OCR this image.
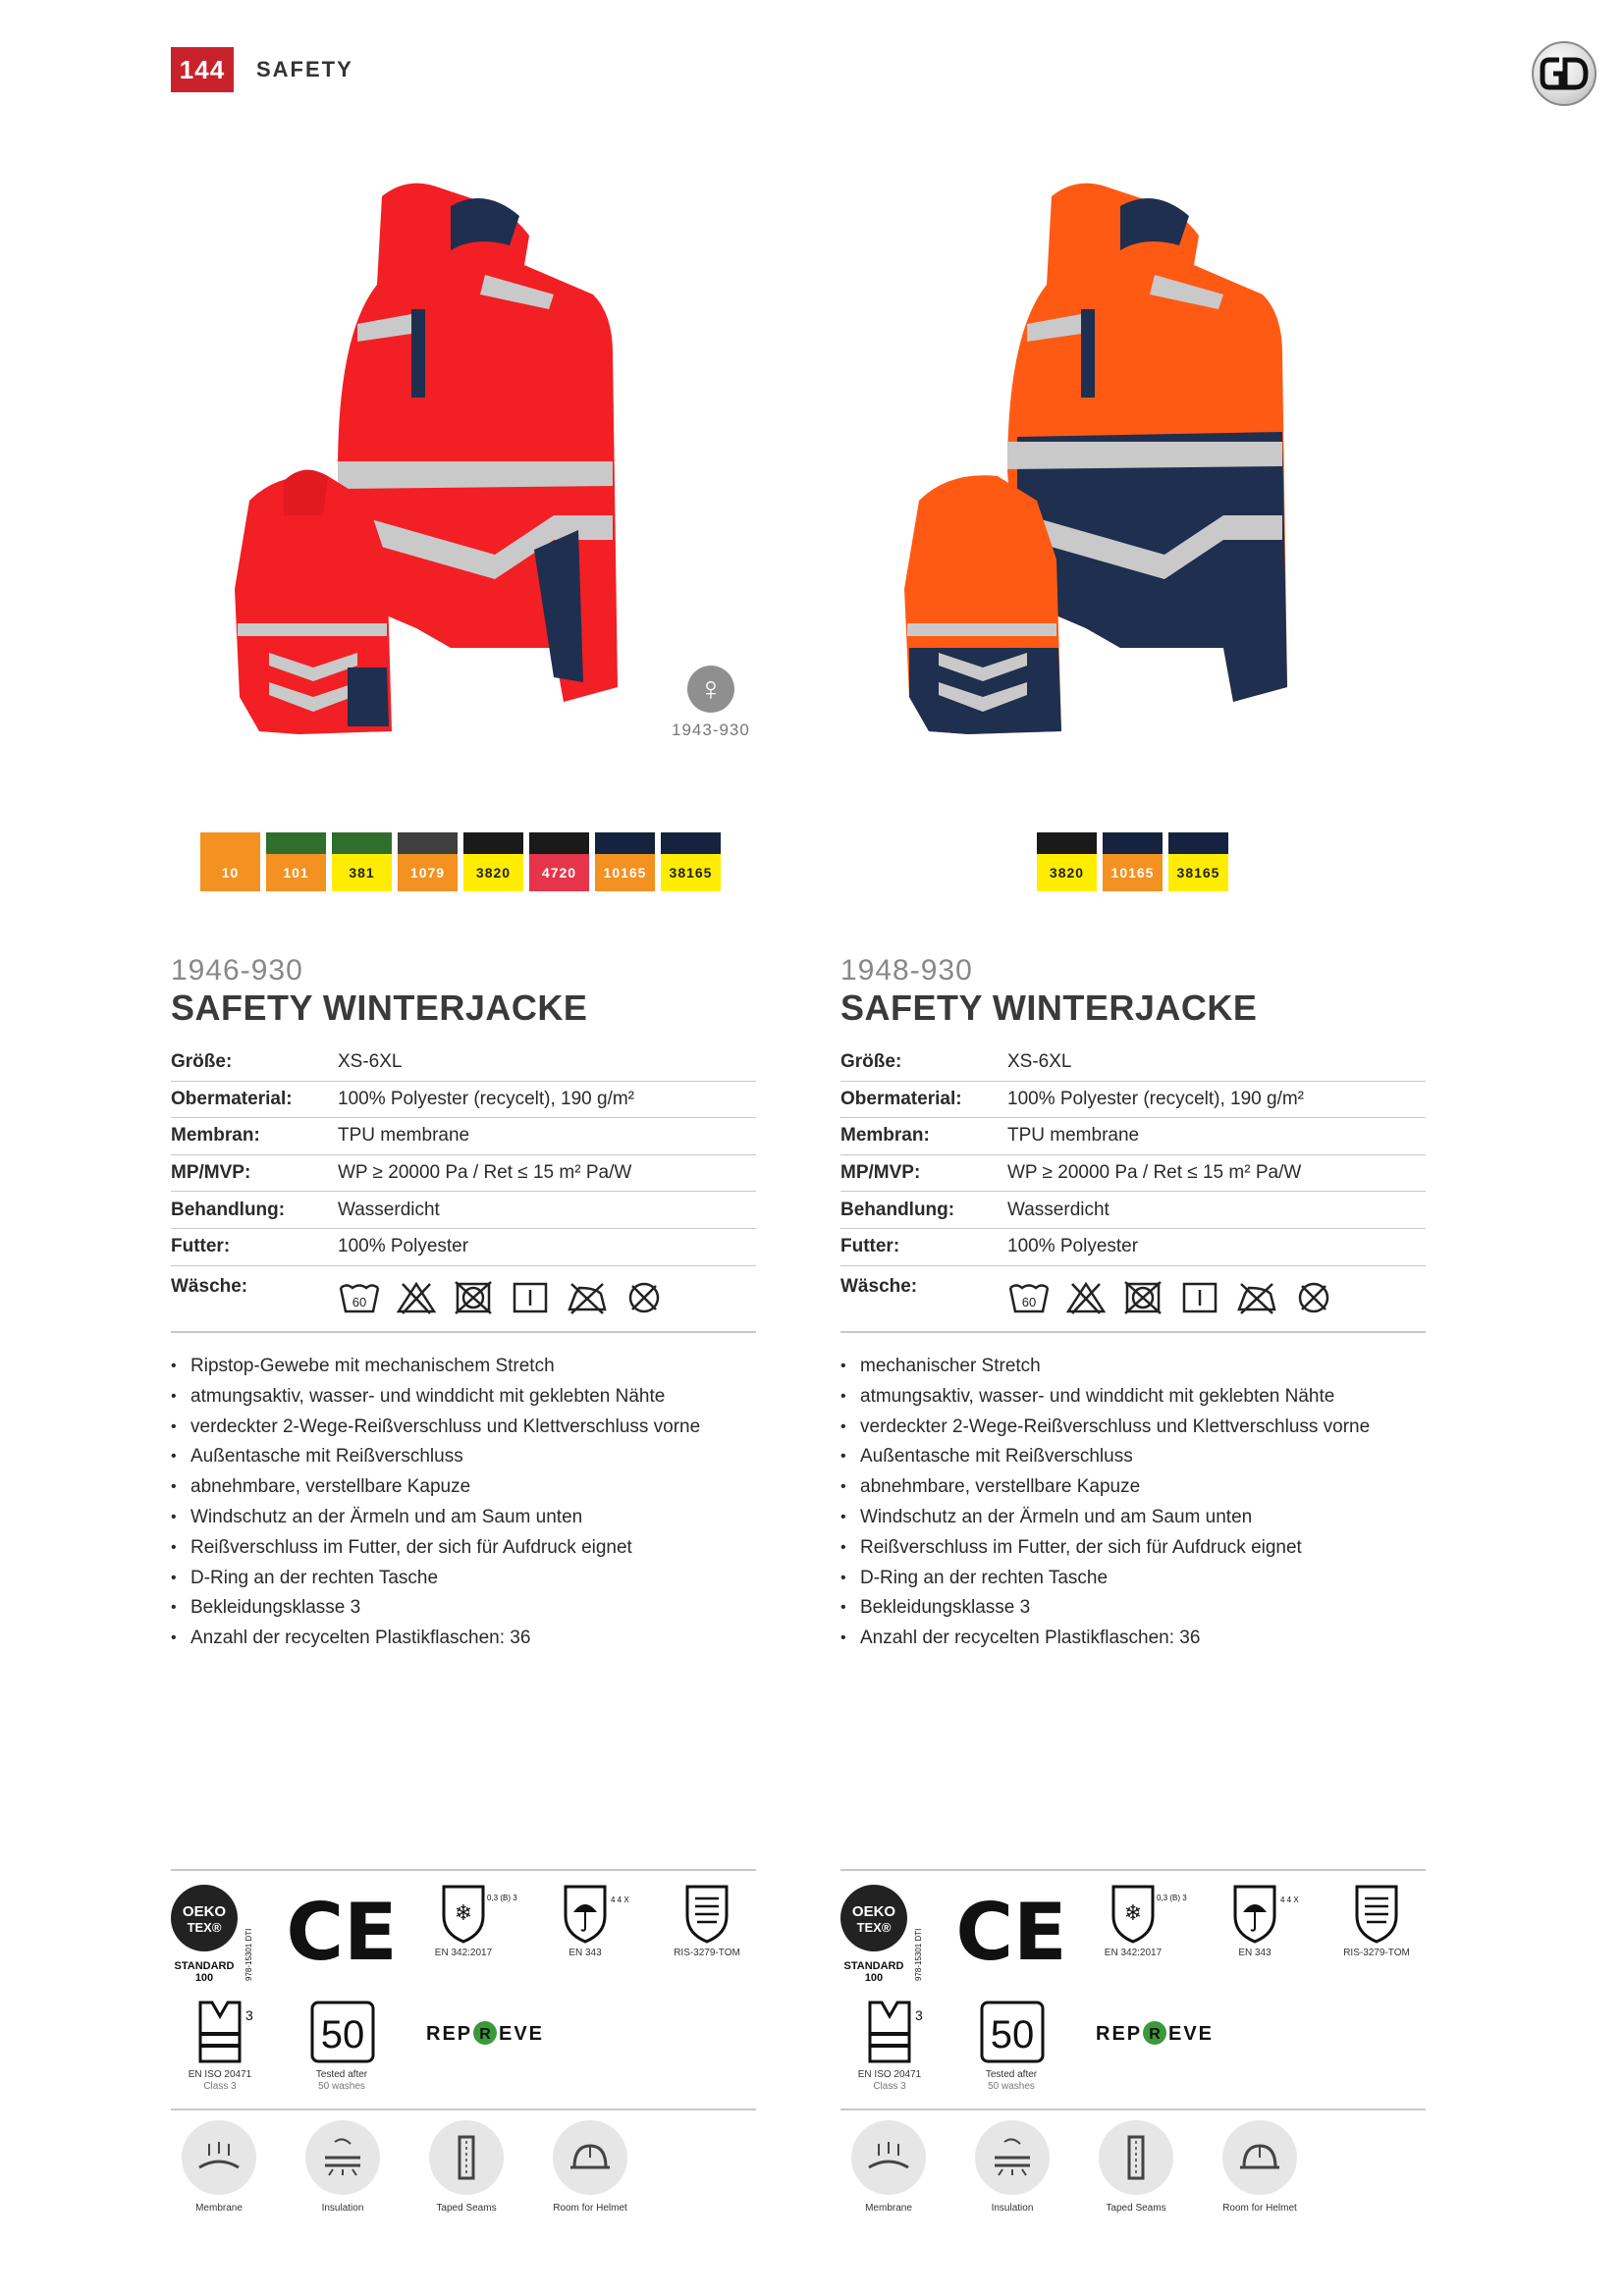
144	SAFETY
♀
1943-930
10	101	381	1079	3820	4720	10165	38165
1946-930
SAFETY WINTERJACKE
Größe:	XS-6XL
Obermaterial:	100% Polyester (recycelt), 190 g/m²
Membran:	TPU membrane
MP/MVP:	WP ≥ 20000 Pa / Ret ≤ 15 m² Pa/W
Behandlung:	Wasserdicht
Futter:	100% Polyester
Wäsche:
60
• Ripstop-Gewebe mit mechanischem Stretch
• atmungsaktiv, wasser- und winddicht mit geklebten Nähte
• verdeckter 2-Wege-Reißverschluss und Klettverschluss vorne
• Außentasche mit Reißverschluss
• abnehmbare, verstellbare Kapuze
• Windschutz an der Ärmeln und am Saum unten
• Reißverschluss im Futter, der sich für Aufdruck eignet
• D-Ring an der rechten Tasche
• Bekleidungsklasse 3
• Anzahl der recycelten Plastikflaschen: 36
OEKO
TEX®
STANDARD
100	978-15301 DTI CE	❄
0,3 (B) 3
EN 342:2017
4 4 X
EN 343	RIS-3279-TOM
3
EN ISO 20471
Class 3
50
Tested after
50 washes
REP R EVE
Membrane	Insulation	Taped Seams	Room for Helmet
3820	10165	38165
1948-930
SAFETY WINTERJACKE
Größe:	XS-6XL
Obermaterial:	100% Polyester (recycelt), 190 g/m²
Membran:	TPU membrane
MP/MVP:	WP ≥ 20000 Pa / Ret ≤ 15 m² Pa/W
Behandlung:	Wasserdicht
Futter:	100% Polyester
Wäsche:
60
• mechanischer Stretch
• atmungsaktiv, wasser- und winddicht mit geklebten Nähte
• verdeckter 2-Wege-Reißverschluss und Klettverschluss vorne
• Außentasche mit Reißverschluss
• abnehmbare, verstellbare Kapuze
• Windschutz an der Ärmeln und am Saum unten
• Reißverschluss im Futter, der sich für Aufdruck eignet
• D-Ring an der rechten Tasche
• Bekleidungsklasse 3
• Anzahl der recycelten Plastikflaschen: 36
OEKO
TEX®
STANDARD
100	978-15301 DTI CE	❄
0,3 (B) 3
EN 342:2017
4 4 X
EN 343	RIS-3279-TOM
3
EN ISO 20471
Class 3
50
Tested after
50 washes
REP R EVE
Membrane	Insulation	Taped Seams	Room for Helmet
